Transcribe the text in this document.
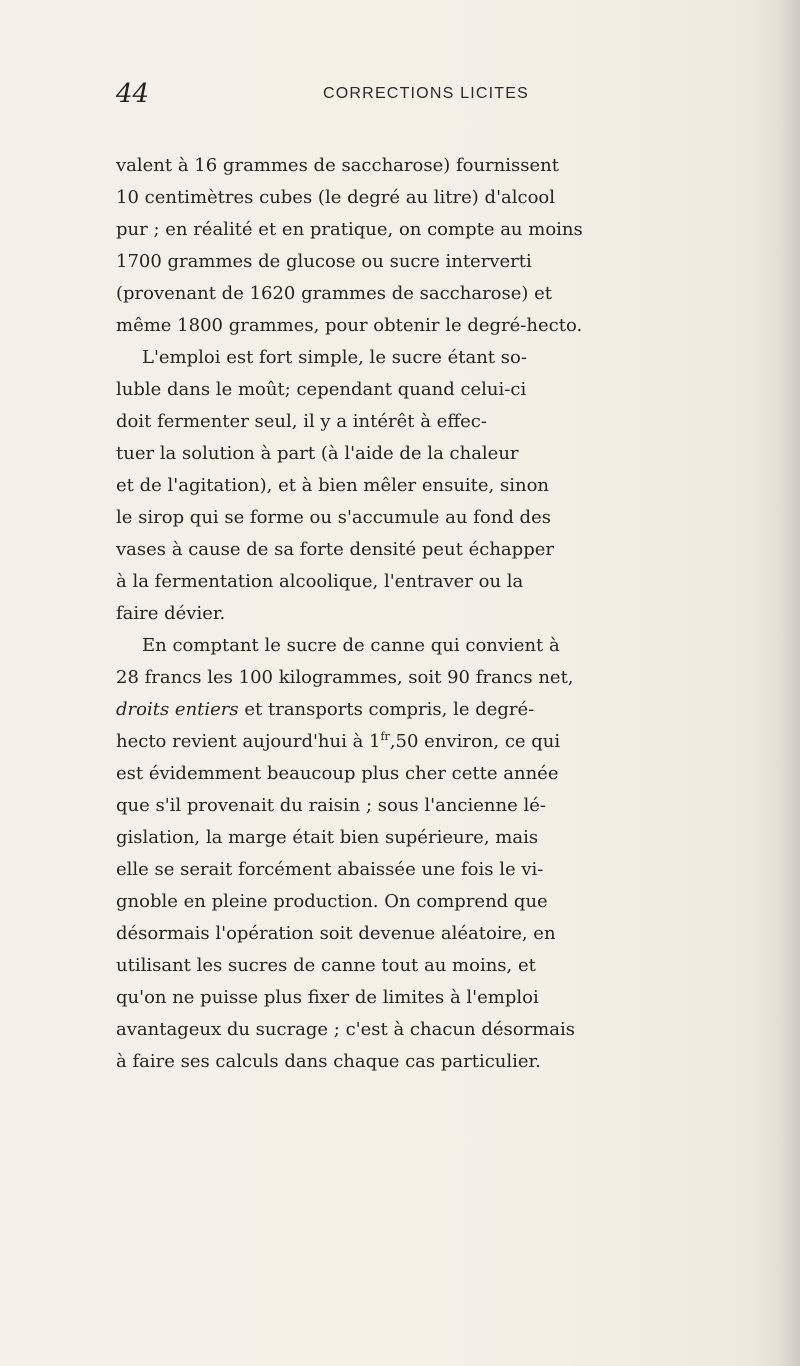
44	CORRECTIONS LICITES
valent à 16 grammes de saccharose) fournissent
10 centimètres cubes (le degré au litre) d'alcool
pur ; en réalité et en pratique, on compte au moins
1700 grammes de glucose ou sucre interverti
(provenant de 1620 grammes de saccharose) et
même 1800 grammes, pour obtenir le degré-hecto.
L'emploi est fort simple, le sucre étant so-
luble dans le moût; cependant quand celui-ci
doit fermenter seul, il y a intérêt à effec-
tuer la solution à part (à l'aide de la chaleur
et de l'agitation), et à bien mêler ensuite, sinon
le sirop qui se forme ou s'accumule au fond des
vases à cause de sa forte densité peut échapper
à la fermentation alcoolique, l'entraver ou la
faire dévier.
En comptant le sucre de canne qui convient à
28 francs les 100 kilogrammes, soit 90 francs net,
droits entiers et transports compris, le degré-
hecto revient aujourd'hui à $1^{fr},50$ environ, ce qui
est évidemment beaucoup plus cher cette année
que s'il provenait du raisin ; sous l'ancienne lé-
gislation, la marge était bien supérieure, mais
elle se serait forcément abaissée une fois le vi-
gnoble en pleine production. On comprend que
désormais l'opération soit devenue aléatoire, en
utilisant les sucres de canne tout au moins, et
qu'on ne puisse plus fixer de limites à l'emploi
avantageux du sucrage ; c'est à chacun désormais
à faire ses calculs dans chaque cas particulier.
